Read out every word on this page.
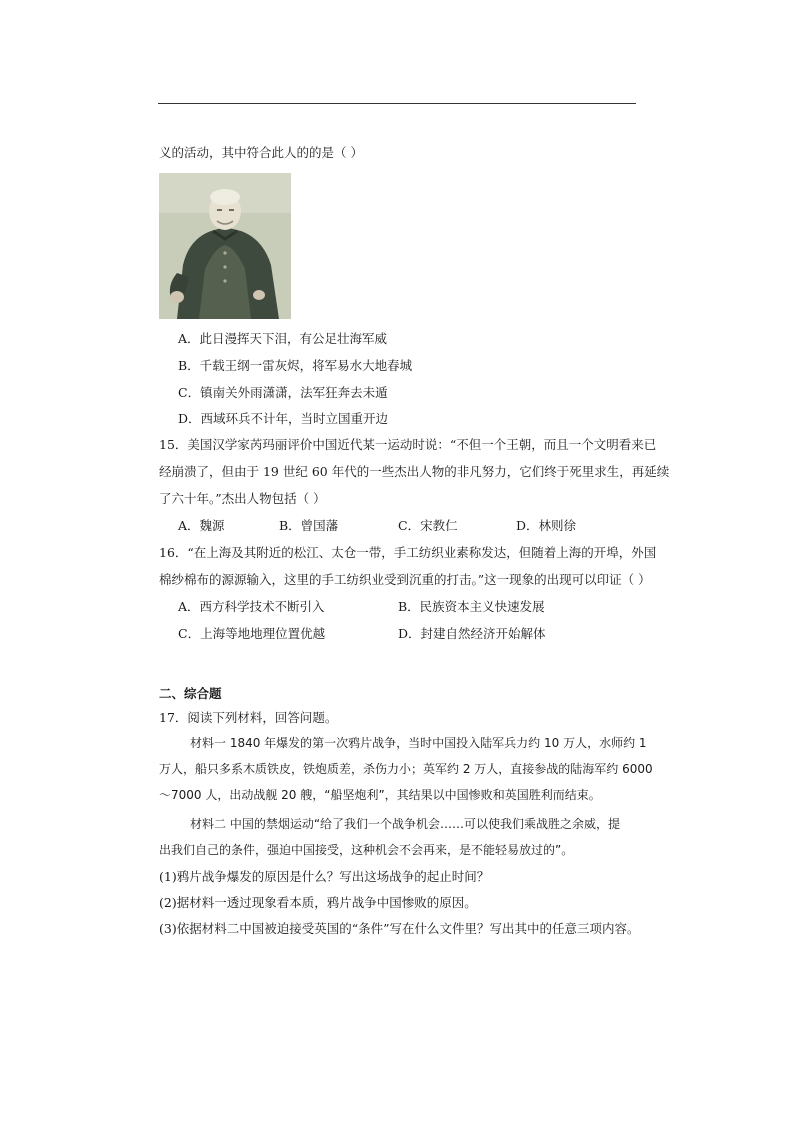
义的活动，其中符合此人的的是（ ）
A．此日漫挥天下泪，有公足壮海军威
B．千载王纲一雷灰烬，将军易水大地春城
C．镇南关外雨潇潇，法军狂奔去未遁
D．西域环兵不计年，当时立国重开边
15．美国汉学家芮玛丽评价中国近代某一运动时说：“不但一个王朝，而且一个文明看来已
经崩溃了，但由于 19 世纪 60 年代的一些杰出人物的非凡努力，它们终于死里求生，再延续
了六十年。”杰出人物包括（ ）
A．魏源	B．曾国藩	C．宋教仁	D．林则徐
16．“在上海及其附近的松江、太仓一带，手工纺织业素称发达，但随着上海的开埠，外国
棉纱棉布的源源输入，这里的手工纺织业受到沉重的打击。”这一现象的出现可以印证（ ）
A．西方科学技术不断引入	B．民族资本主义快速发展
C．上海等地地理位置优越	D．封建自然经济开始解体
二、综合题
17．阅读下列材料，回答问题。
材料一 1840 年爆发的第一次鸦片战争，当时中国投入陆军兵力约 10 万人，水师约 1
万人，船只多系木质铁皮，铁炮质差，杀伤力小；英军约 2 万人，直接参战的陆海军约 6000
～7000 人，出动战舰 20 艘，“船坚炮利”，其结果以中国惨败和英国胜利而结束。
材料二 中国的禁烟运动“给了我们一个战争机会……可以使我们乘战胜之余威，提
出我们自己的条件，强迫中国接受，这种机会不会再来，是不能轻易放过的”。
(1)鸦片战争爆发的原因是什么？写出这场战争的起止时间？
(2)据材料一透过现象看本质，鸦片战争中国惨败的原因。
(3)依据材料二中国被迫接受英国的“条件”写在什么文件里？写出其中的任意三项内容。
